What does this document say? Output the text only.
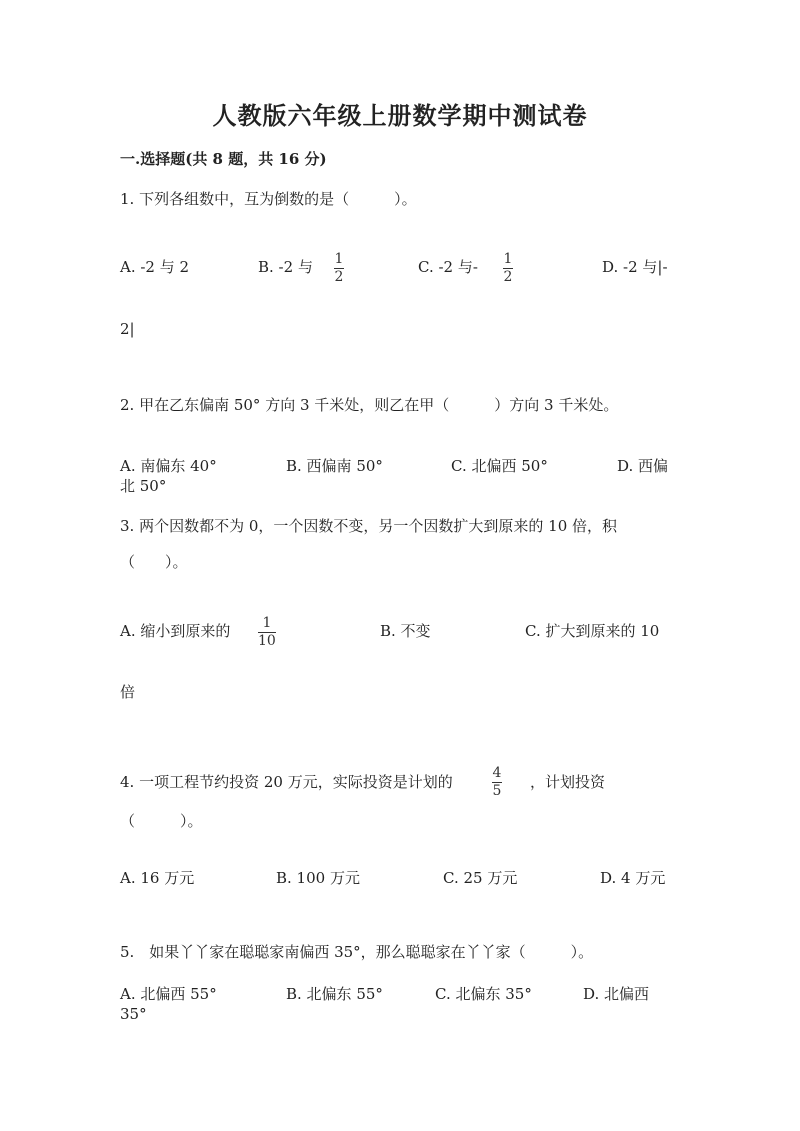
人教版六年级上册数学期中测试卷
一.选择题(共 8 题，共 16 分)
1. 下列各组数中，互为倒数的是（　　　）。
A. -2 与 2	B. -2 与 1
2
C. -2 与- 1
2
D. -2 与|-
2|
2. 甲在乙东偏南 50° 方向 3 千米处，则乙在甲（　　　）方向 3 千米处。
A. 南偏东 40°	B. 西偏南 50°	C. 北偏西 50°	D. 西偏
北 50°
3. 两个因数都不为 0，一个因数不变，另一个因数扩大到原来的 10 倍，积
（　　）。
A. 缩小到原来的 1
10
B. 不变	C. 扩大到原来的 10
倍
4. 一项工程节约投资 20 万元，实际投资是计划的	4
5 ，计划投资
（　　　）。
A. 16 万元	B. 100 万元	C. 25 万元	D. 4 万元
5.　如果丫丫家在聪聪家南偏西 35°，那么聪聪家在丫丫家（　　　）。
A. 北偏西 55°	B. 北偏东 55°	C. 北偏东 35°	D. 北偏西
35°
